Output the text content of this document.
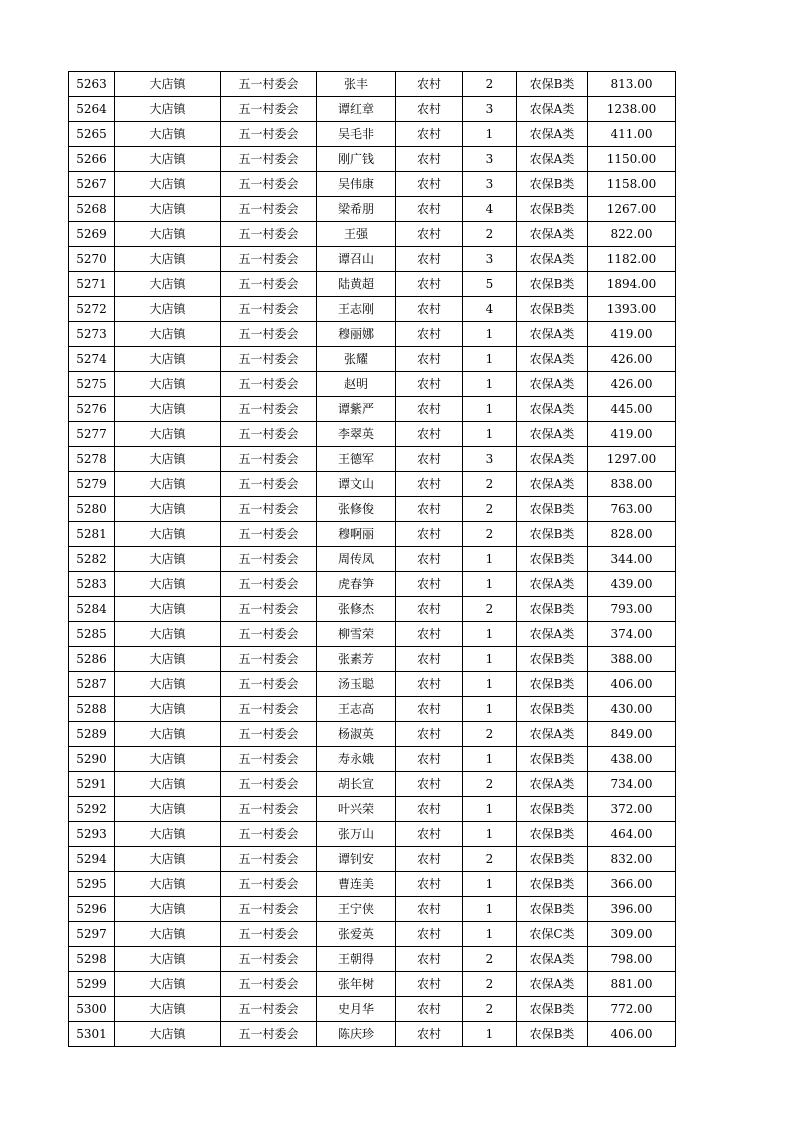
5263	大店镇	五一村委会	张丰	农村	2	农保B类	813.00
5264	大店镇	五一村委会	谭红章	农村	3	农保A类	1238.00
5265	大店镇	五一村委会	吴毛非	农村	1	农保A类	411.00
5266	大店镇	五一村委会	刚广钱	农村	3	农保A类	1150.00
5267	大店镇	五一村委会	吴伟康	农村	3	农保B类	1158.00
5268	大店镇	五一村委会	梁希朋	农村	4	农保B类	1267.00
5269	大店镇	五一村委会	王强	农村	2	农保A类	822.00
5270	大店镇	五一村委会	谭召山	农村	3	农保A类	1182.00
5271	大店镇	五一村委会	陆黄超	农村	5	农保B类	1894.00
5272	大店镇	五一村委会	王志刚	农村	4	农保B类	1393.00
5273	大店镇	五一村委会	穆丽娜	农村	1	农保A类	419.00
5274	大店镇	五一村委会	张耀	农村	1	农保A类	426.00
5275	大店镇	五一村委会	赵明	农村	1	农保A类	426.00
5276	大店镇	五一村委会	谭紫严	农村	1	农保A类	445.00
5277	大店镇	五一村委会	李翠英	农村	1	农保A类	419.00
5278	大店镇	五一村委会	王德军	农村	3	农保A类	1297.00
5279	大店镇	五一村委会	谭文山	农村	2	农保A类	838.00
5280	大店镇	五一村委会	张修俊	农村	2	农保B类	763.00
5281	大店镇	五一村委会	穆啊丽	农村	2	农保B类	828.00
5282	大店镇	五一村委会	周传凤	农村	1	农保B类	344.00
5283	大店镇	五一村委会	虎春笋	农村	1	农保A类	439.00
5284	大店镇	五一村委会	张修杰	农村	2	农保B类	793.00
5285	大店镇	五一村委会	柳雪荣	农村	1	农保A类	374.00
5286	大店镇	五一村委会	张素芳	农村	1	农保B类	388.00
5287	大店镇	五一村委会	汤玉聪	农村	1	农保B类	406.00
5288	大店镇	五一村委会	王志高	农村	1	农保B类	430.00
5289	大店镇	五一村委会	杨淑英	农村	2	农保A类	849.00
5290	大店镇	五一村委会	寿永娥	农村	1	农保B类	438.00
5291	大店镇	五一村委会	胡长宣	农村	2	农保A类	734.00
5292	大店镇	五一村委会	叶兴荣	农村	1	农保B类	372.00
5293	大店镇	五一村委会	张万山	农村	1	农保B类	464.00
5294	大店镇	五一村委会	谭钊安	农村	2	农保B类	832.00
5295	大店镇	五一村委会	曹连美	农村	1	农保B类	366.00
5296	大店镇	五一村委会	王宁侠	农村	1	农保B类	396.00
5297	大店镇	五一村委会	张爱英	农村	1	农保C类	309.00
5298	大店镇	五一村委会	王朝得	农村	2	农保A类	798.00
5299	大店镇	五一村委会	张年树	农村	2	农保A类	881.00
5300	大店镇	五一村委会	史月华	农村	2	农保B类	772.00
5301	大店镇	五一村委会	陈庆珍	农村	1	农保B类	406.00
